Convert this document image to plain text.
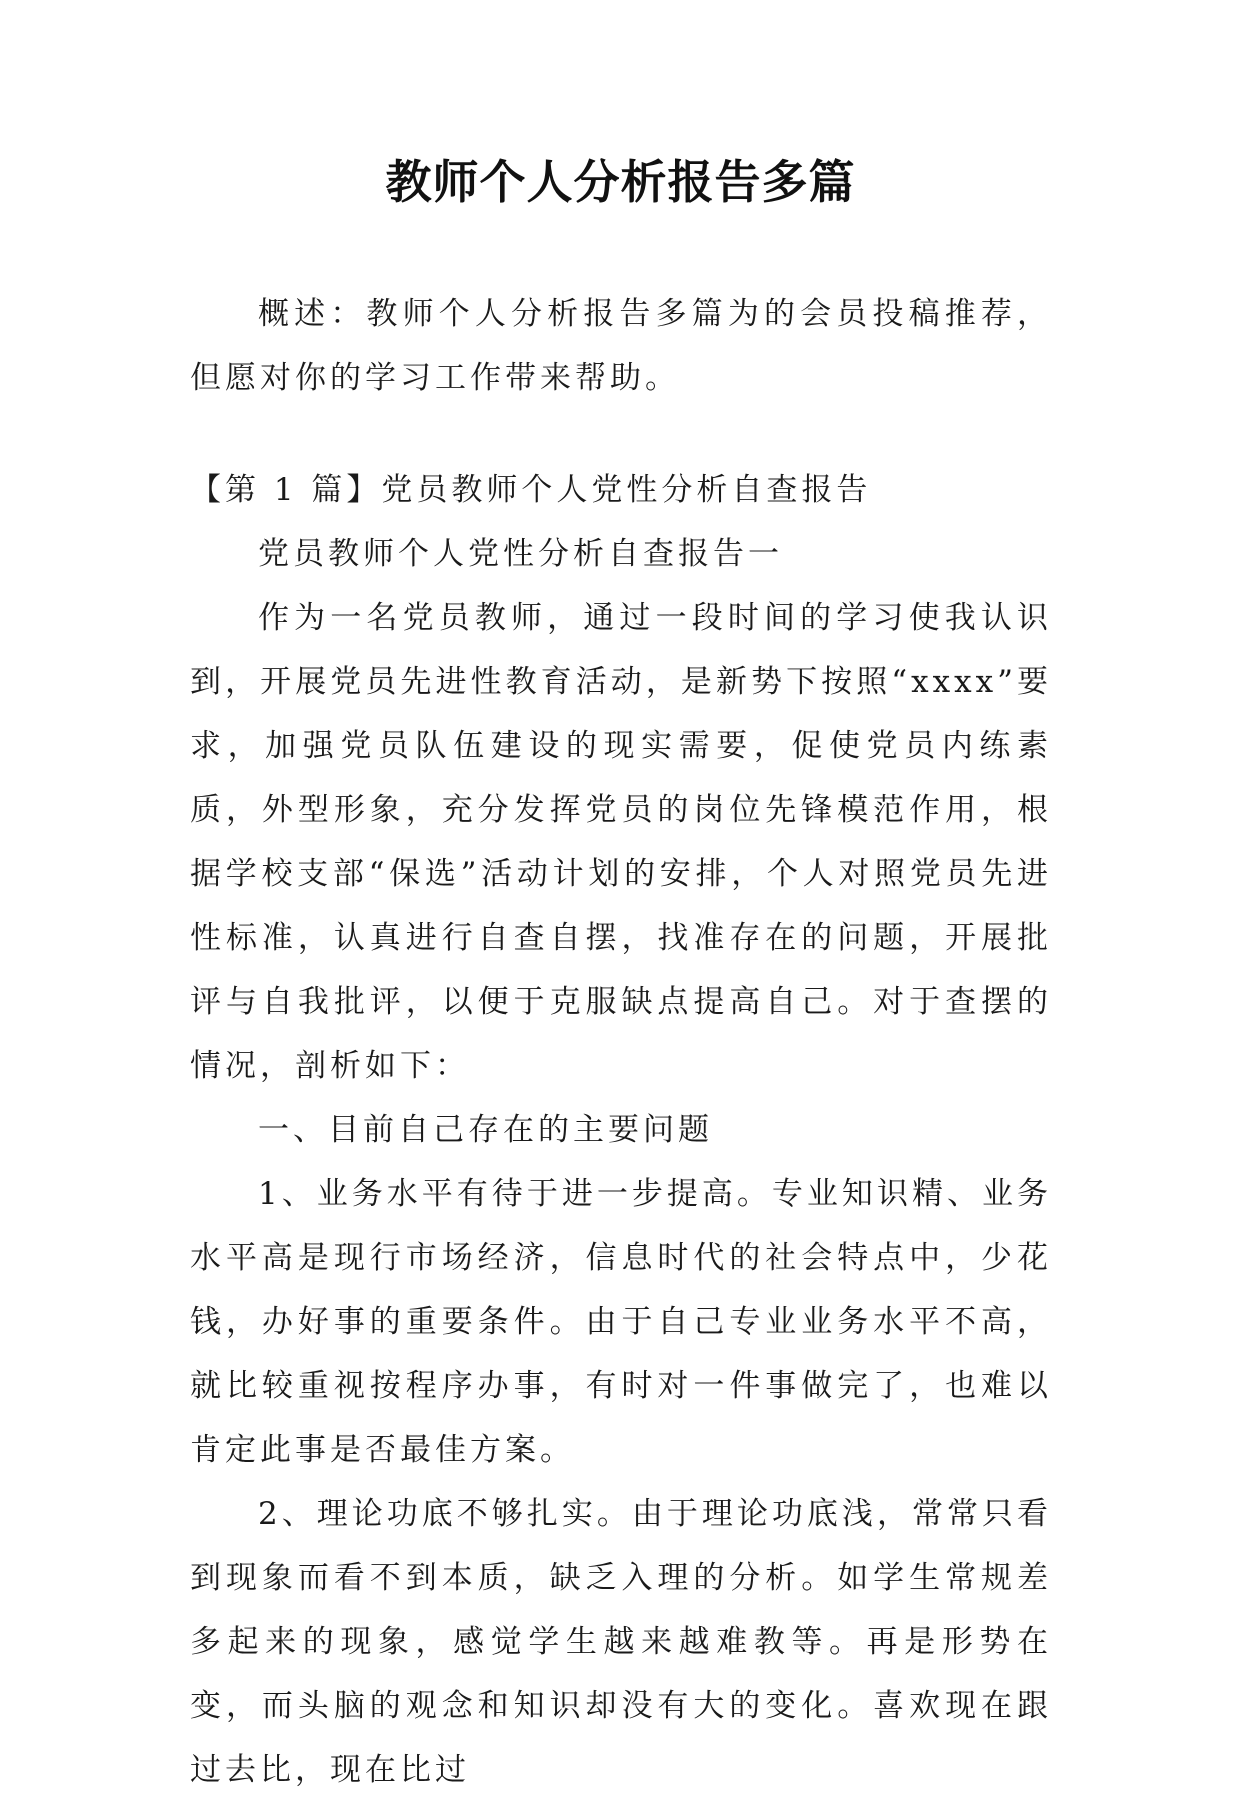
教师个人分析报告多篇

概述：教师个人分析报告多篇为的会员投稿推荐，但愿对你的学习工作带来帮助。

【第 1 篇】党员教师个人党性分析自查报告

党员教师个人党性分析自查报告一

作为一名党员教师，通过一段时间的学习使我认识到，开展党员先进性教育活动，是新势下按照“xxxx”要求，加强党员队伍建设的现实需要，促使党员内练素质，外型形象，充分发挥党员的岗位先锋模范作用，根据学校支部“保选”活动计划的安排，个人对照党员先进性标准，认真进行自查自摆，找准存在的问题，开展批评与自我批评，以便于克服缺点提高自己。对于查摆的情况，剖析如下：

一、目前自己存在的主要问题

1、业务水平有待于进一步提高。专业知识精、业务水平高是现行市场经济，信息时代的社会特点中，少花钱，办好事的重要条件。由于自己专业业务水平不高，就比较重视按程序办事，有时对一件事做完了，也难以肯定此事是否最佳方案。

2、理论功底不够扎实。由于理论功底浅，常常只看到现象而看不到本质，缺乏入理的分析。如学生常规差多起来的现象，感觉学生越来越难教等。再是形势在变，而头脑的观念和知识却没有大的变化。喜欢现在跟过去比，现在比过
